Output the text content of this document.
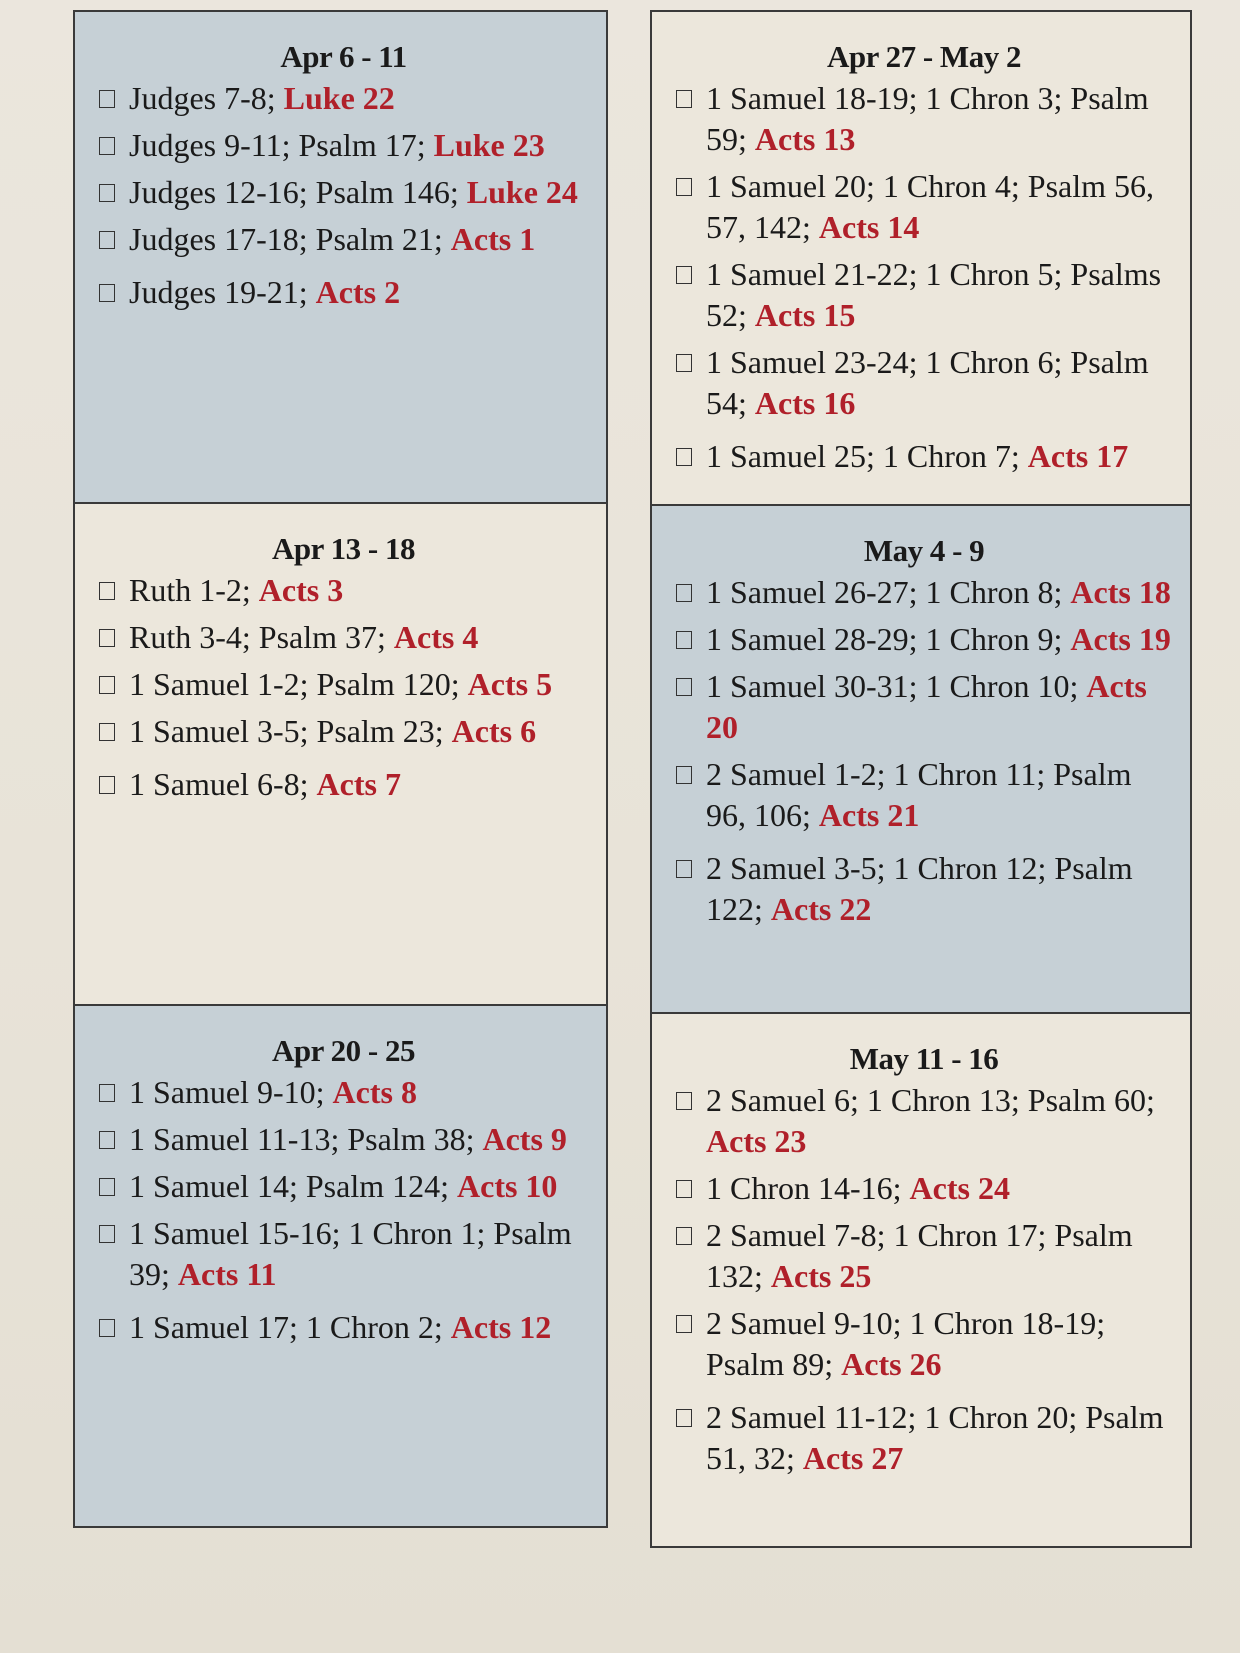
Apr 6 - 11
Judges 7-8; Luke 22
Judges 9-11; Psalm 17; Luke 23
Judges 12-16; Psalm 146; Luke 24
Judges 17-18; Psalm 21; Acts 1
Judges 19-21; Acts 2
Apr 13 - 18
Ruth 1-2; Acts 3
Ruth 3-4; Psalm 37; Acts 4
1 Samuel 1-2; Psalm 120; Acts 5
1 Samuel 3-5; Psalm 23; Acts 6
1 Samuel 6-8; Acts 7
Apr 20 - 25
1 Samuel 9-10; Acts 8
1 Samuel 11-13; Psalm 38; Acts 9
1 Samuel 14; Psalm 124; Acts 10
1 Samuel 15-16; 1 Chron 1; Psalm 39; Acts 11
1 Samuel 17; 1 Chron 2; Acts 12
Apr 27 - May 2
1 Samuel 18-19; 1 Chron 3; Psalm 59; Acts 13
1 Samuel 20; 1 Chron 4; Psalm 56, 57, 142; Acts 14
1 Samuel 21-22; 1 Chron 5; Psalms 52; Acts 15
1 Samuel 23-24; 1 Chron 6; Psalm 54; Acts 16
1 Samuel 25; 1 Chron 7; Acts 17
May 4 - 9
1 Samuel 26-27; 1 Chron 8; Acts 18
1 Samuel 28-29; 1 Chron 9; Acts 19
1 Samuel 30-31; 1 Chron 10; Acts 20
2 Samuel 1-2; 1 Chron 11; Psalm 96, 106; Acts 21
2 Samuel 3-5; 1 Chron 12; Psalm 122; Acts 22
May 11 - 16
2 Samuel 6; 1 Chron 13; Psalm 60; Acts 23
1 Chron 14-16; Acts 24
2 Samuel 7-8; 1 Chron 17; Psalm 132; Acts 25
2 Samuel 9-10; 1 Chron 18-19; Psalm 89; Acts 26
2 Samuel 11-12; 1 Chron 20; Psalm 51, 32; Acts 27
